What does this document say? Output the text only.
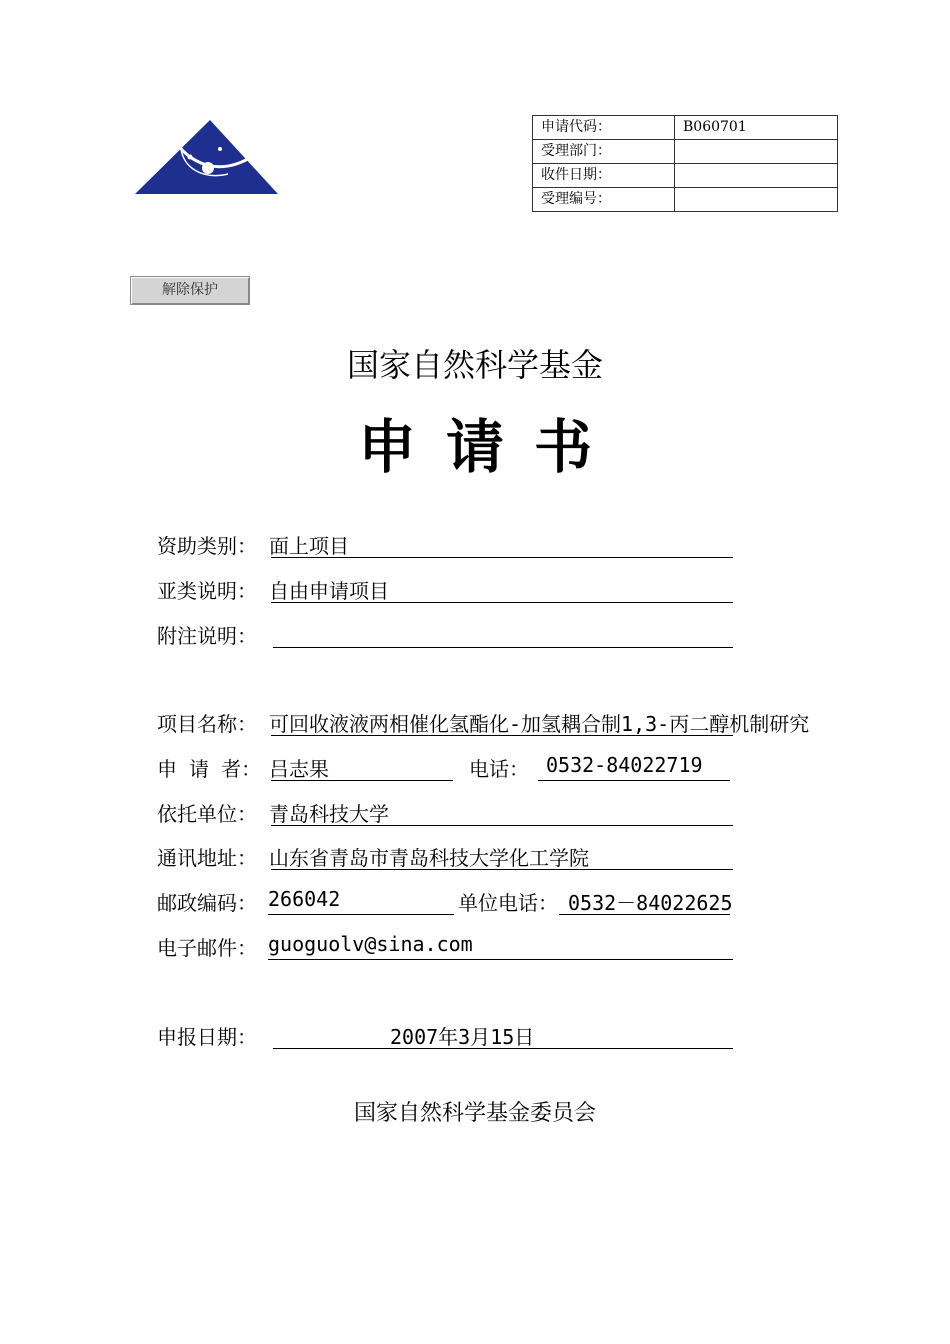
申请代码：	B060701
受理部门：	
收件日期：	
受理编号：	
解除保护
国家自然科学基金
申请书
资助类别： 面上项目
亚类说明： 自由申请项目
附注说明：
项目名称： 可回收液液两相催化氢酯化-加氢耦合制1,3-丙二醇机制研究
申 请 者： 吕志果	电话： 0532-84022719
依托单位： 青岛科技大学
通讯地址： 山东省青岛市青岛科技大学化工学院
邮政编码： 266042	单位电话： 0532－84022625
电子邮件： guoguolv@sina.com
申报日期：	2007年3月15日
国家自然科学基金委员会
